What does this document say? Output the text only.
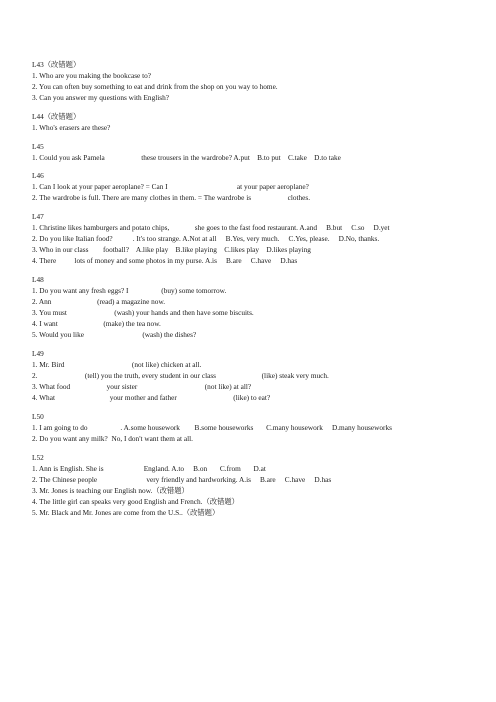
L43（改错题）
1. Who are you making the bookcase to?
2. You can often buy something to eat and drink from the shop on you way to home.
3. Can you answer my questions with English?
L44（改错题）
1. Who's erasers are these?
L45
1. Could you ask Pamela                    these trousers in the wardrobe? A.put    B.to put    C.take    D.to take
L46
1. Can I look at your paper aeroplane? = Can I                                      at your paper aeroplane?
2. The wardrobe is full. There are many clothes in them. = The wardrobe is                    clothes.
L47
1. Christine likes hamburgers and potato chips,              she goes to the fast food restaurant. A.and     B.but     C.so     D.yet
2. Do you like Italian food?           . It's too strange. A.Not at all     B.Yes, very much.     C.Yes, please.     D.No, thanks.
3. Who in our class        football?    A.like play    B.like playing    C.likes play    D.likes playing
4. There          lots of money and some photos in my purse. A.is     B.are     C.have     D.has
L48
1. Do you want any fresh eggs? I                  (buy) some tomorrow.
2. Ann                         (read) a magazine now.
3. You must                          (wash) your hands and then have some biscuits.
4. I want                         (make) the tea now.
5. Would you like                                (wash) the dishes?
L49
1. Mr. Bird                                     (not like) chicken at all.
2.                          (tell) you the truth, every student in our class                         (like) steak very much.
3. What food                    your sister                                     (not like) at all?
4. What                              your mother and father                               (like) to eat?
L50
1. I am going to do                  . A.some housework        B.some houseworks       C.many housework     D.many houseworks
2. Do you want any milk?  No, I don't want them at all.
L52
1. Ann is English. She is                      England. A.to     B.on       C.from       D.at
2. The Chinese people                           very friendly and hardworking. A.is     B.are     C.have     D.has
3. Mr. Jones is teaching our English now.（改错题）
4. The little girl can speaks very good English and French.（改错题）
5. Mr. Black and Mr. Jones are come from the U.S..（改错题）
